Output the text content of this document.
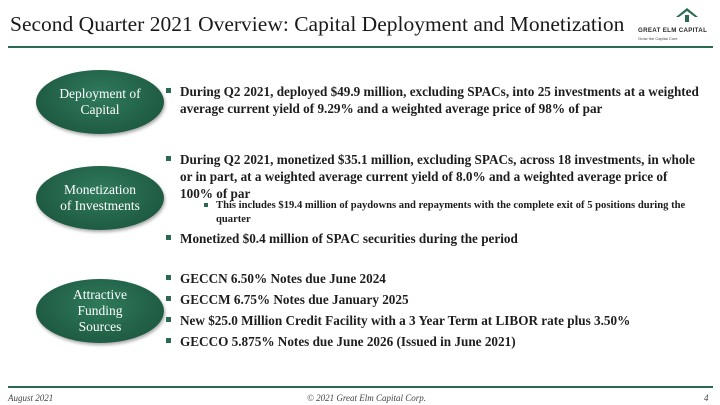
Second Quarter 2021 Overview: Capital Deployment and Monetization GREAT ELM CAPITAL
Grow the Capital Core
Deployment of
Capital
During Q2 2021, deployed $49.9 million, excluding SPACs, into 25 investments at a weighted average current yield of 9.29% and a weighted average price of 98% of par
Monetization
of Investments
During Q2 2021, monetized $35.1 million, excluding SPACs, across 18 investments, in whole or in part, at a weighted average current yield of 8.0% and a weighted average price of 100% of par
This includes $19.4 million of paydowns and repayments with the complete exit of 5 positions during the quarter
Monetized $0.4 million of SPAC securities during the period
Attractive
Funding
Sources
GECCN 6.50% Notes due June 2024
GECCM 6.75% Notes due January 2025
New $25.0 Million Credit Facility with a 3 Year Term at LIBOR rate plus 3.50%
GECCO 5.875% Notes due June 2026 (Issued in June 2021)
August 2021	© 2021 Great Elm Capital Corp.	4
